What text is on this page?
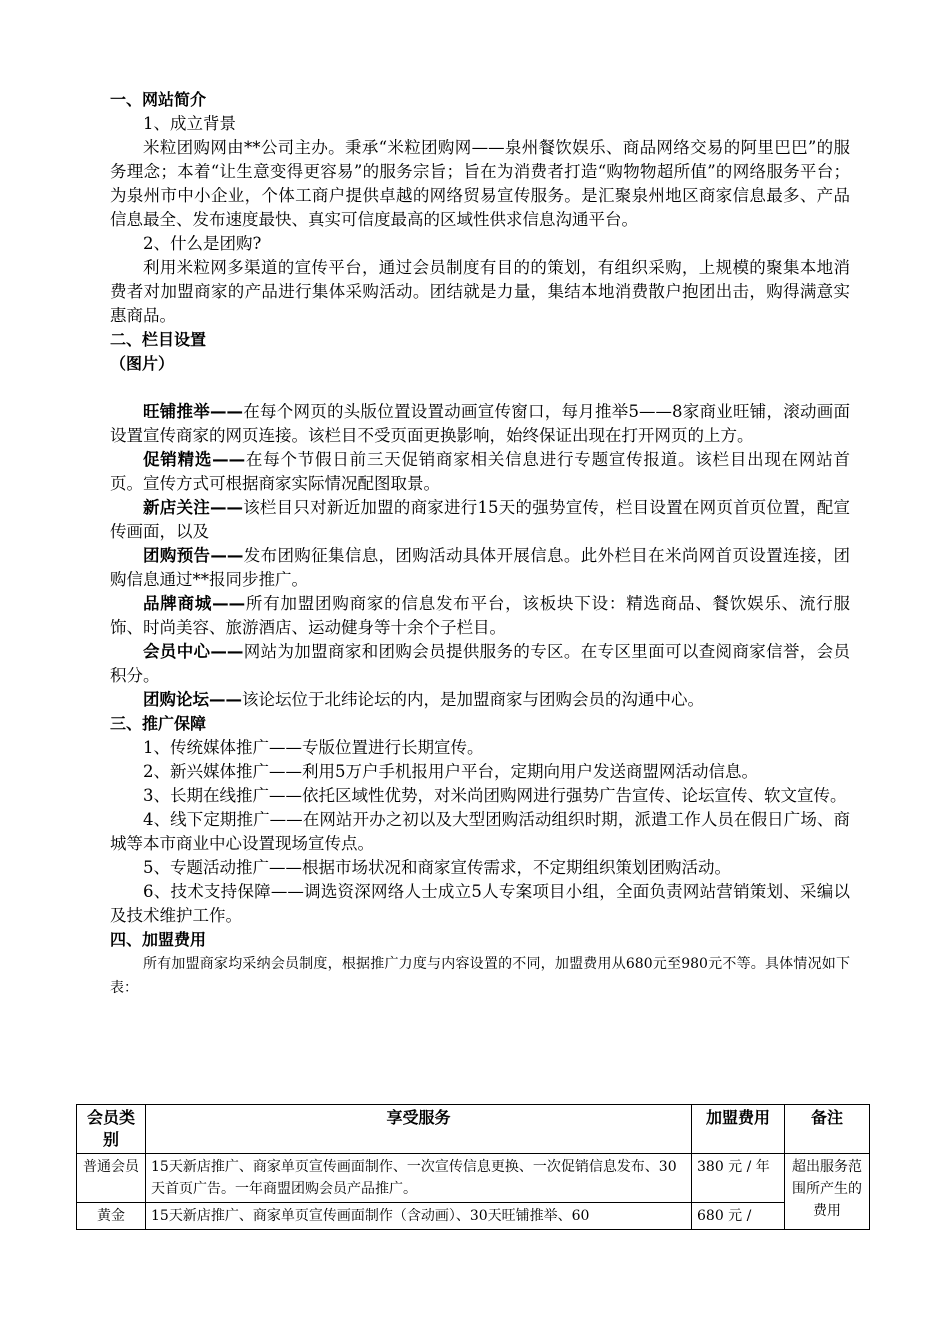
一、网站简介

1、成立背景

米粒团购网由**公司主办。秉承“米粒团购网——泉州餐饮娱乐、商品网络交易的阿里巴巴”的服务理念；本着“让生意变得更容易”的服务宗旨；旨在为消费者打造“购物物超所值”的网络服务平台；为泉州市中小企业，个体工商户提供卓越的网络贸易宣传服务。是汇聚泉州地区商家信息最多、产品信息最全、发布速度最快、真实可信度最高的区域性供求信息沟通平台。

2、什么是团购?

利用米粒网多渠道的宣传平台，通过会员制度有目的的策划，有组织采购，上规模的聚集本地消费者对加盟商家的产品进行集体采购活动。团结就是力量，集结本地消费散户抱团出击，购得满意实惠商品。

二、栏目设置

（图片）

旺铺推举——在每个网页的头版位置设置动画宣传窗口，每月推举5——8家商业旺铺，滚动画面设置宣传商家的网页连接。该栏目不受页面更换影响，始终保证出现在打开网页的上方。

促销精选——在每个节假日前三天促销商家相关信息进行专题宣传报道。该栏目出现在网站首页。宣传方式可根据商家实际情况配图取景。

新店关注——该栏目只对新近加盟的商家进行15天的强势宣传，栏目设置在网页首页位置，配宣传画面，以及

团购预告——发布团购征集信息，团购活动具体开展信息。此外栏目在米尚网首页设置连接，团购信息通过**报同步推广。

品牌商城——所有加盟团购商家的信息发布平台，该板块下设：精选商品、餐饮娱乐、流行服饰、时尚美容、旅游酒店、运动健身等十余个子栏目。

会员中心——网站为加盟商家和团购会员提供服务的专区。在专区里面可以查阅商家信誉，会员积分。

团购论坛——该论坛位于北纬论坛的内，是加盟商家与团购会员的沟通中心。

三、推广保障

1、传统媒体推广——专版位置进行长期宣传。

2、新兴媒体推广——利用5万户手机报用户平台，定期向用户发送商盟网活动信息。

3、长期在线推广——依托区域性优势，对米尚团购网进行强势广告宣传、论坛宣传、软文宣传。

4、线下定期推广——在网站开办之初以及大型团购活动组织时期，派遣工作人员在假日广场、商城等本市商业中心设置现场宣传点。

5、专题活动推广——根据市场状况和商家宣传需求，不定期组织策划团购活动。

6、技术支持保障——调选资深网络人士成立5人专案项目小组，全面负责网站营销策划、采编以及技术维护工作。

四、加盟费用

所有加盟商家均采纳会员制度，根据推广力度与内容设置的不同，加盟费用从680元至980元不等。具体情况如下表：

会员类别	享受服务	加盟费用	备注
普通会员	15天新店推广、商家单页宣传画面制作、一次宣传信息更换、一次促销信息发布、30天首页广告。一年商盟团购会员产品推广。	380 元 / 年	超出服务范围所产生的费用
黄金	15天新店推广、商家单页宣传画面制作（含动画）、30天旺铺推举、60	680 元 /	
